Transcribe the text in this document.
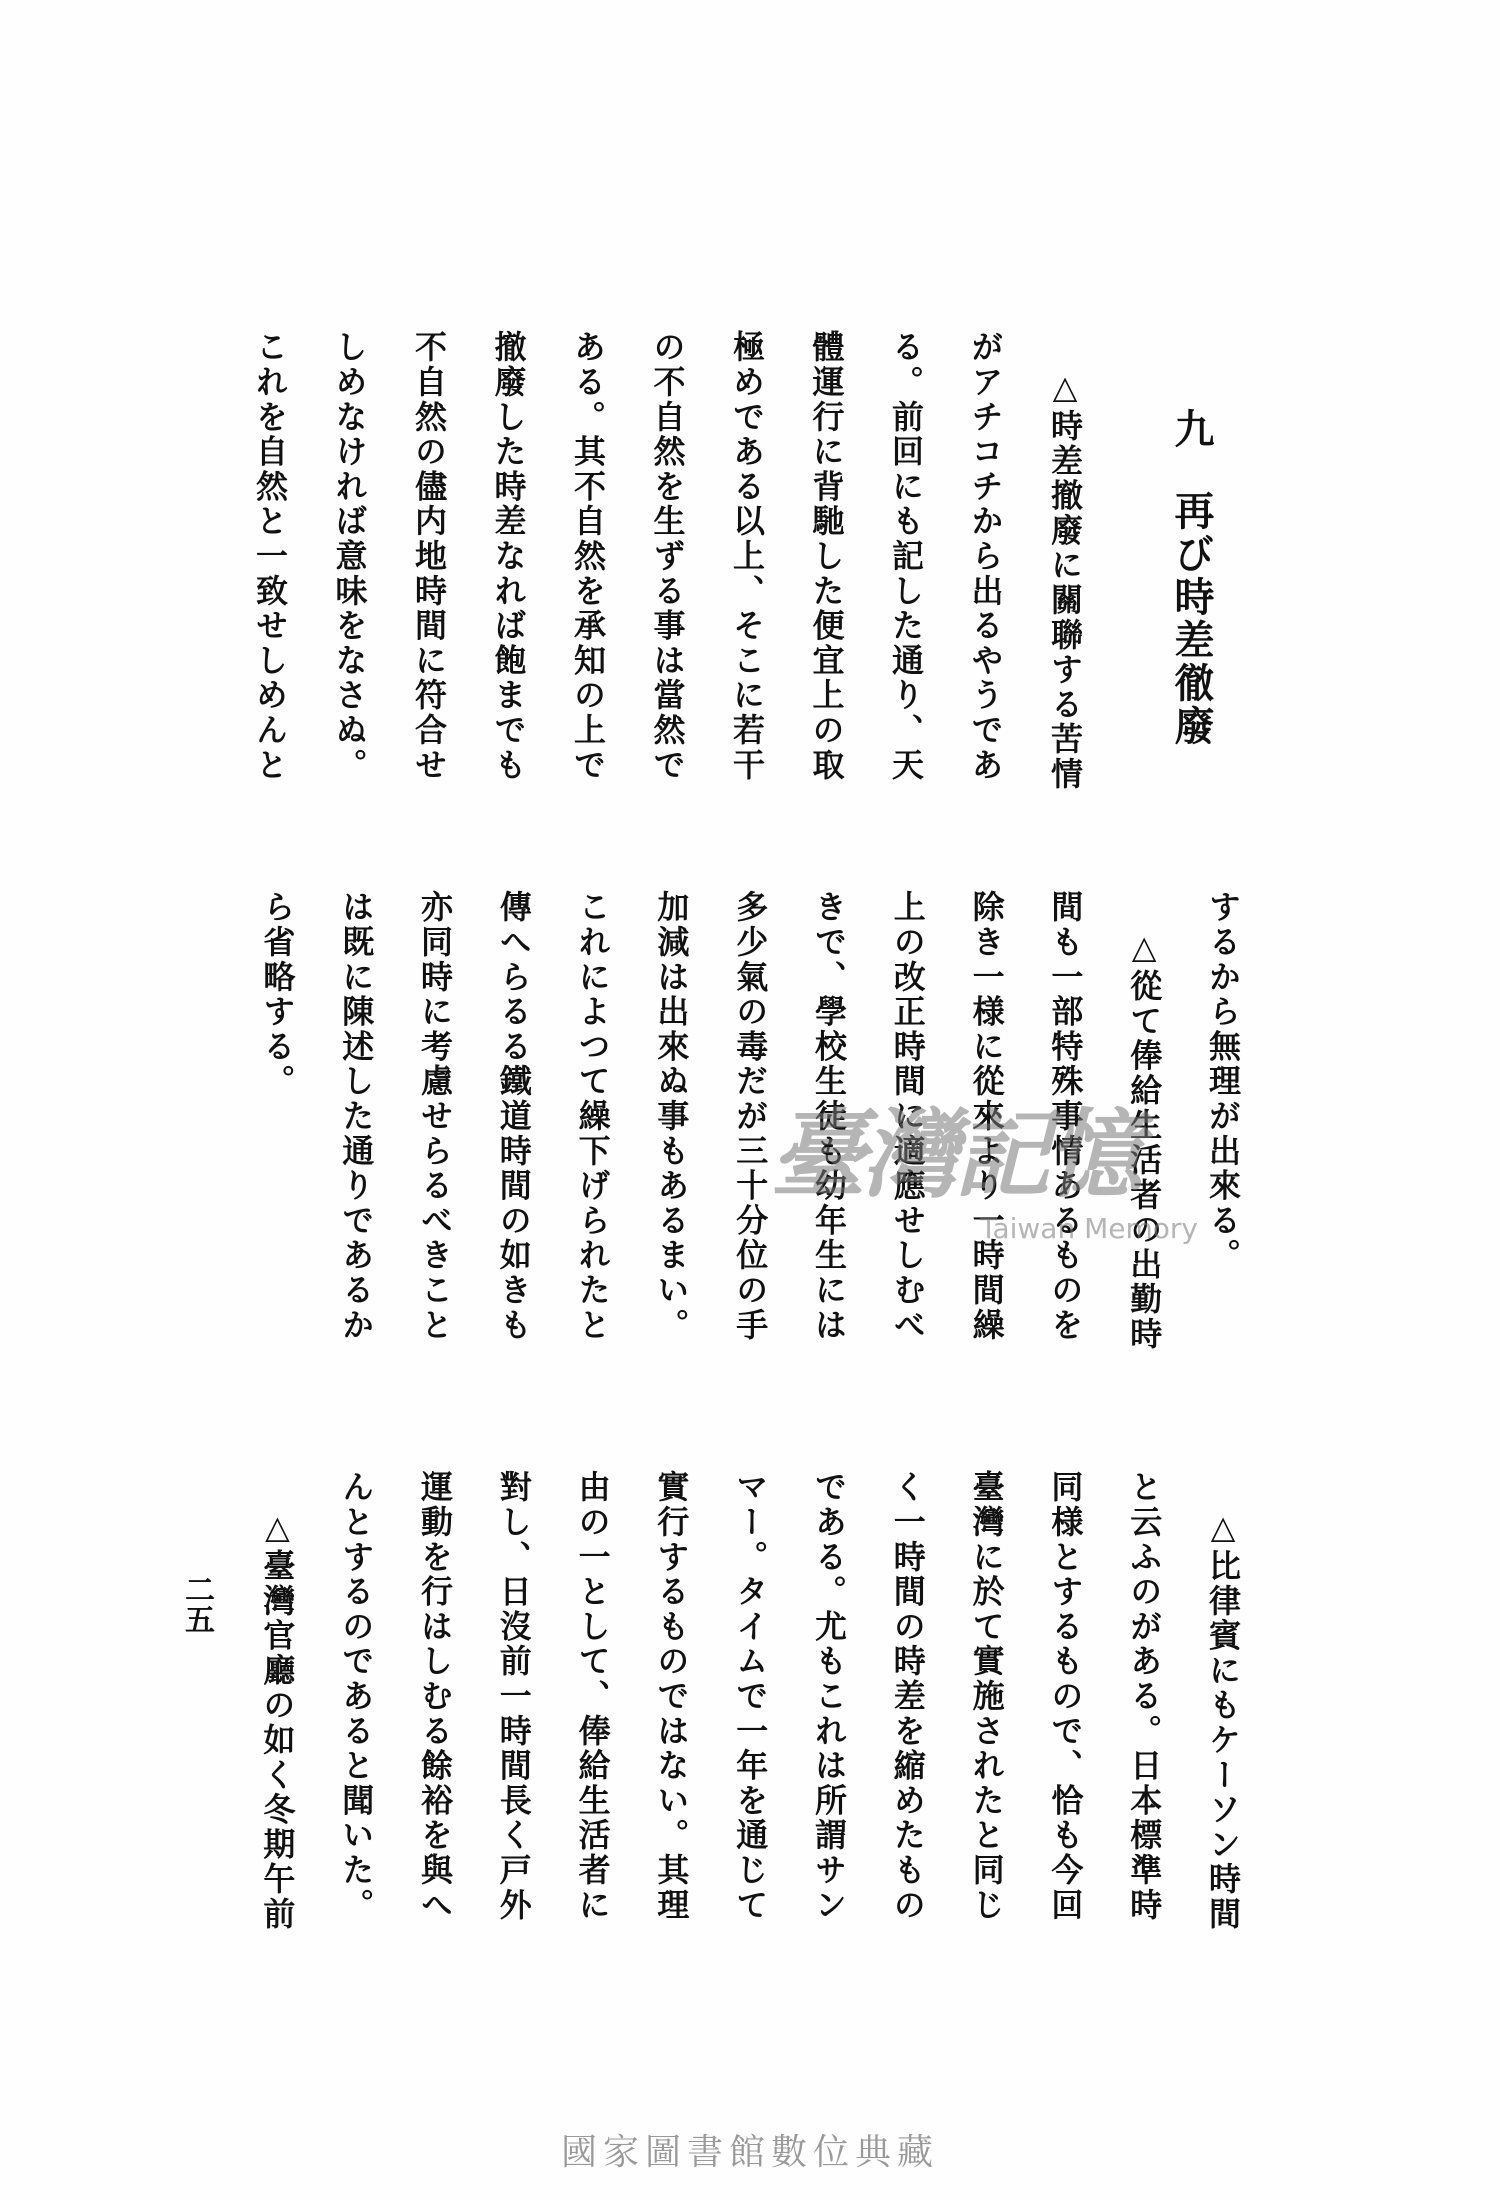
九
再び時差徹廢
△時差撤廢に關聯する苦情
がアチコチから出るやうであ
る。前回にも記した通り、天
體運行に背馳した便宜上の取
極めである以上、そこに若干
の不自然を生ずる事は當然で
ある。其不自然を承知の上で
撤廢した時差なれば飽までも
不自然の儘内地時間に符合せ
しめなければ意味をなさぬ。
これを自然と一致せしめんと
するから無理が出來る。
△從て俸給生活者の出勤時
間も一部特殊事情あるものを
除き一様に從來より一時間繰
上の改正時間に適應せしむべ
きで、學校生徒も幼年生には
多少氣の毒だが三十分位の手
加減は出來ぬ事もあるまい。
これによつて繰下げられたと
傳へらるる鐵道時間の如きも
亦同時に考慮せらるべきこと
は既に陳述した通りであるか
ら省略する。
△比律賓にもケーソン時間
と云ふのがある。日本標準時
同様とするもので、恰も今回
臺灣に於て實施されたと同じ
く一時間の時差を縮めたもの
である。尤もこれは所謂サン
マー。タイムで一年を通じて
實行するものではない。其理
由の一として、俸給生活者に
對し、日沒前一時間長く戸外
運動を行はしむる餘裕を與へ
んとするのであると聞いた。
△臺灣官廳の如く冬期午前
二五
臺灣記憶
Taiwan Memory
國家圖書館數位典藏
